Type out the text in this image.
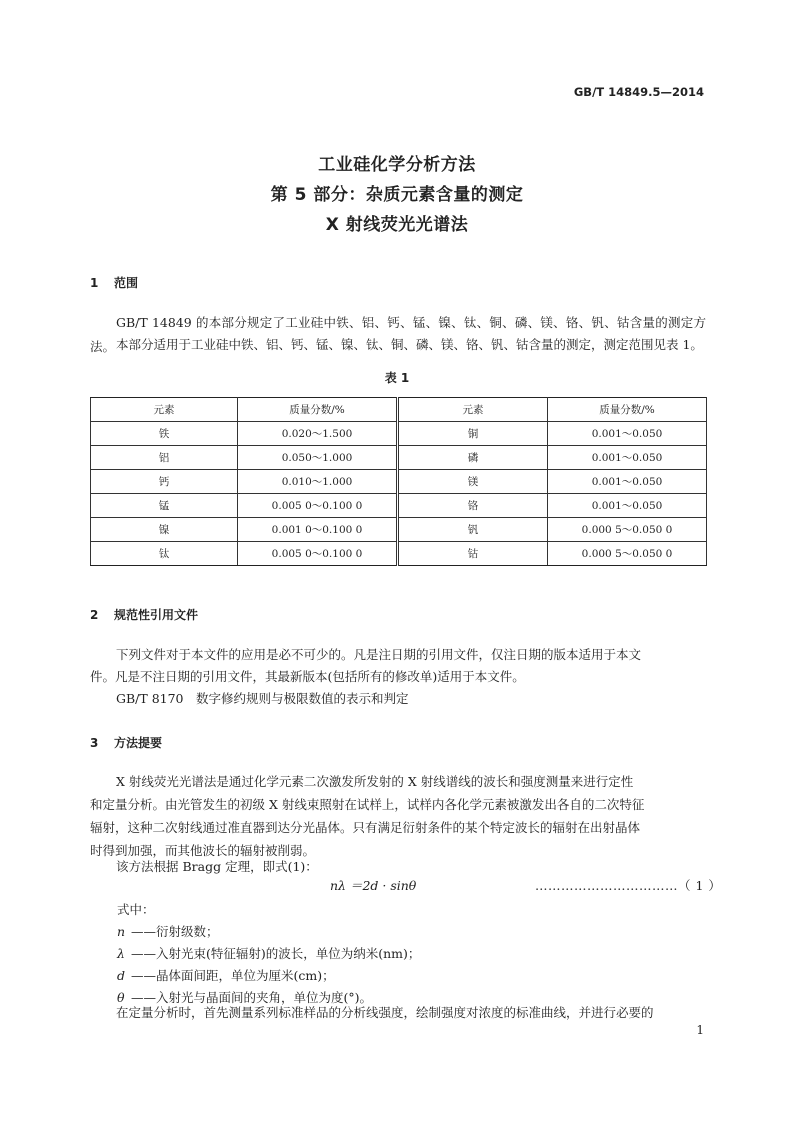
GB/T 14849.5—2014
工业硅化学分析方法
第 5 部分：杂质元素含量的测定
X 射线荧光光谱法
1 范围
GB/T 14849 的本部分规定了工业硅中铁、铝、钙、锰、镍、钛、铜、磷、镁、铬、钒、钴含量的测定方法。 本部分适用于工业硅中铁、铝、钙、锰、镍、钛、铜、磷、镁、铬、钒、钴含量的测定，测定范围见表 1。
表 1
元素	质量分数/%	元素	质量分数/%
铁	0.020～1.500	铜	0.001～0.050
铝	0.050～1.000	磷	0.001～0.050
钙	0.010～1.000	镁	0.001～0.050
锰	0.005 0～0.100 0	铬	0.001～0.050
镍	0.001 0～0.100 0	钒	0.000 5～0.050 0
钛	0.005 0～0.100 0	钴	0.000 5～0.050 0
2 规范性引用文件
下列文件对于本文件的应用是必不可少的。凡是注日期的引用文件，仅注日期的版本适用于本文
件。凡是不注日期的引用文件，其最新版本(包括所有的修改单)适用于本文件。
GB/T 8170　数字修约规则与极限数值的表示和判定
3 方法提要
X 射线荧光光谱法是通过化学元素二次激发所发射的 X 射线谱线的波长和强度测量来进行定性
和定量分析。由光管发生的初级 X 射线束照射在试样上，试样内各化学元素被激发出各自的二次特征
辐射，这种二次射线通过准直器到达分光晶体。只有满足衍射条件的某个特定波长的辐射在出射晶体
时得到加强，而其他波长的辐射被削弱。
该方法根据 Bragg 定理，即式(1)：
nλ ＝2d · sinθ	……………………………（ 1 ）
式中：
n ——衍射级数；
λ ——入射光束(特征辐射)的波长，单位为纳米(nm)；
d ——晶体面间距，单位为厘米(cm)；
θ ——入射光与晶面间的夹角，单位为度(°)。
在定量分析时，首先测量系列标准样品的分析线强度，绘制强度对浓度的标准曲线，并进行必要的
1
